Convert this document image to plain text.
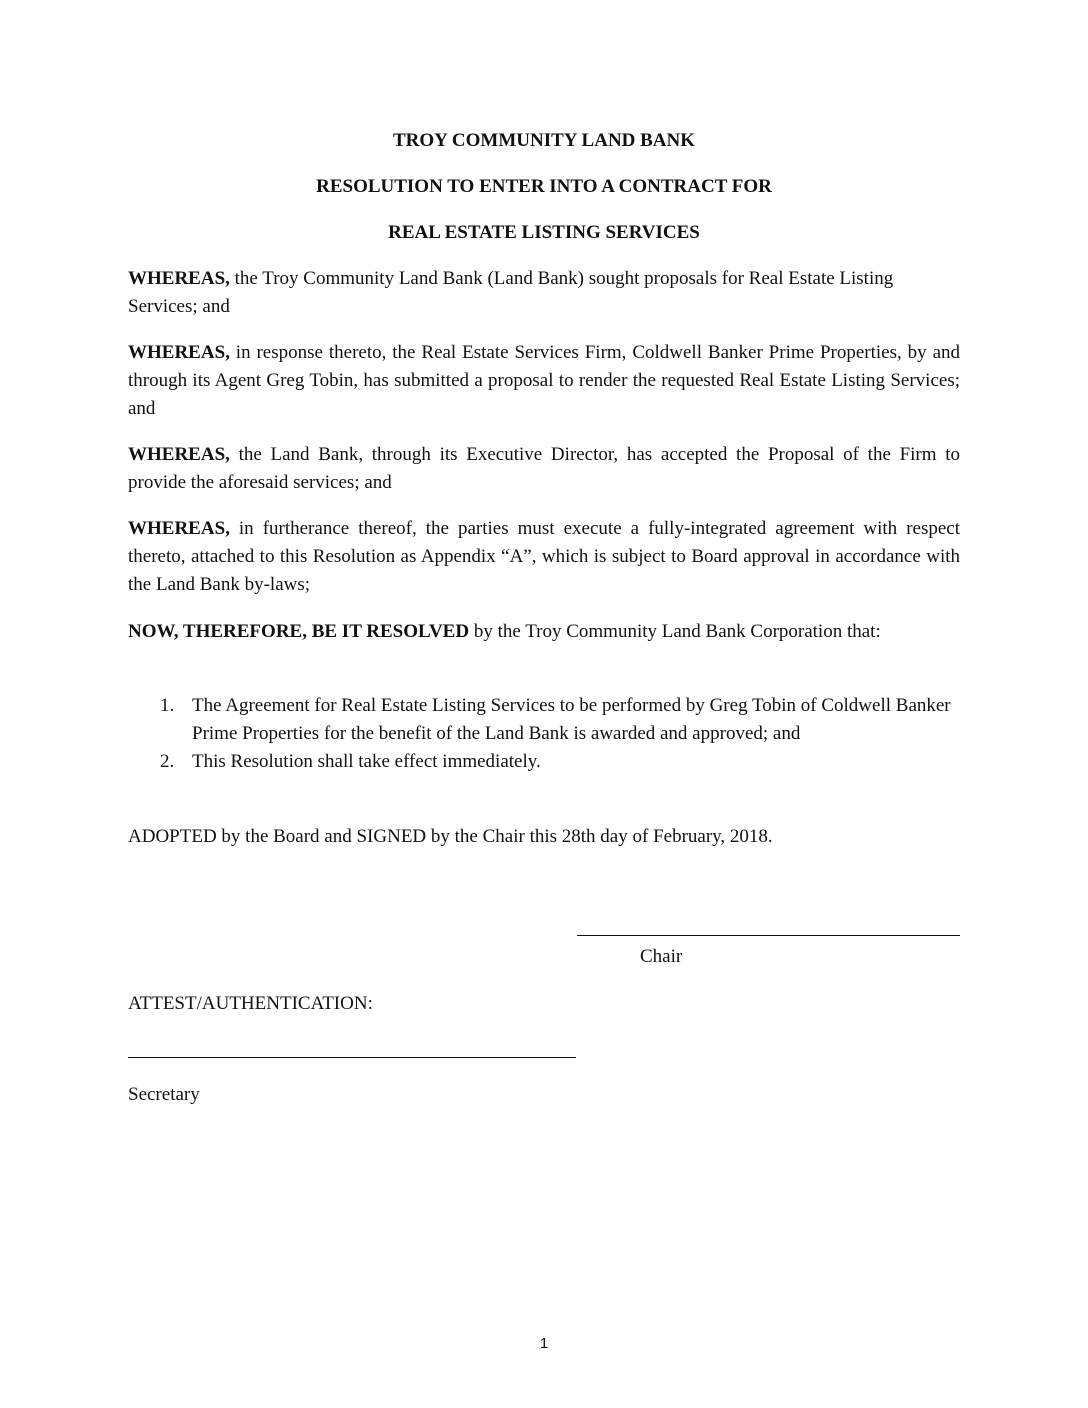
TROY COMMUNITY LAND BANK
RESOLUTION TO ENTER INTO A CONTRACT FOR
REAL ESTATE LISTING SERVICES

WHEREAS, the Troy Community Land Bank (Land Bank) sought proposals for Real Estate Listing Services; and

WHEREAS, in response thereto, the Real Estate Services Firm, Coldwell Banker Prime Properties, by and through its Agent Greg Tobin, has submitted a proposal to render the requested Real Estate Listing Services; and

WHEREAS, the Land Bank, through its Executive Director, has accepted the Proposal of the Firm to provide the aforesaid services; and

WHEREAS, in furtherance thereof, the parties must execute a fully-integrated agreement with respect thereto, attached to this Resolution as Appendix “A”, which is subject to Board approval in accordance with the Land Bank by-laws;

NOW, THEREFORE, BE IT RESOLVED by the Troy Community Land Bank Corporation that:

1. The Agreement for Real Estate Listing Services to be performed by Greg Tobin of Coldwell Banker Prime Properties for the benefit of the Land Bank is awarded and approved; and
2. This Resolution shall take effect immediately.

ADOPTED by the Board and SIGNED by the Chair this 28th day of February, 2018.

Chair
ATTEST/AUTHENTICATION:
Secretary
1
